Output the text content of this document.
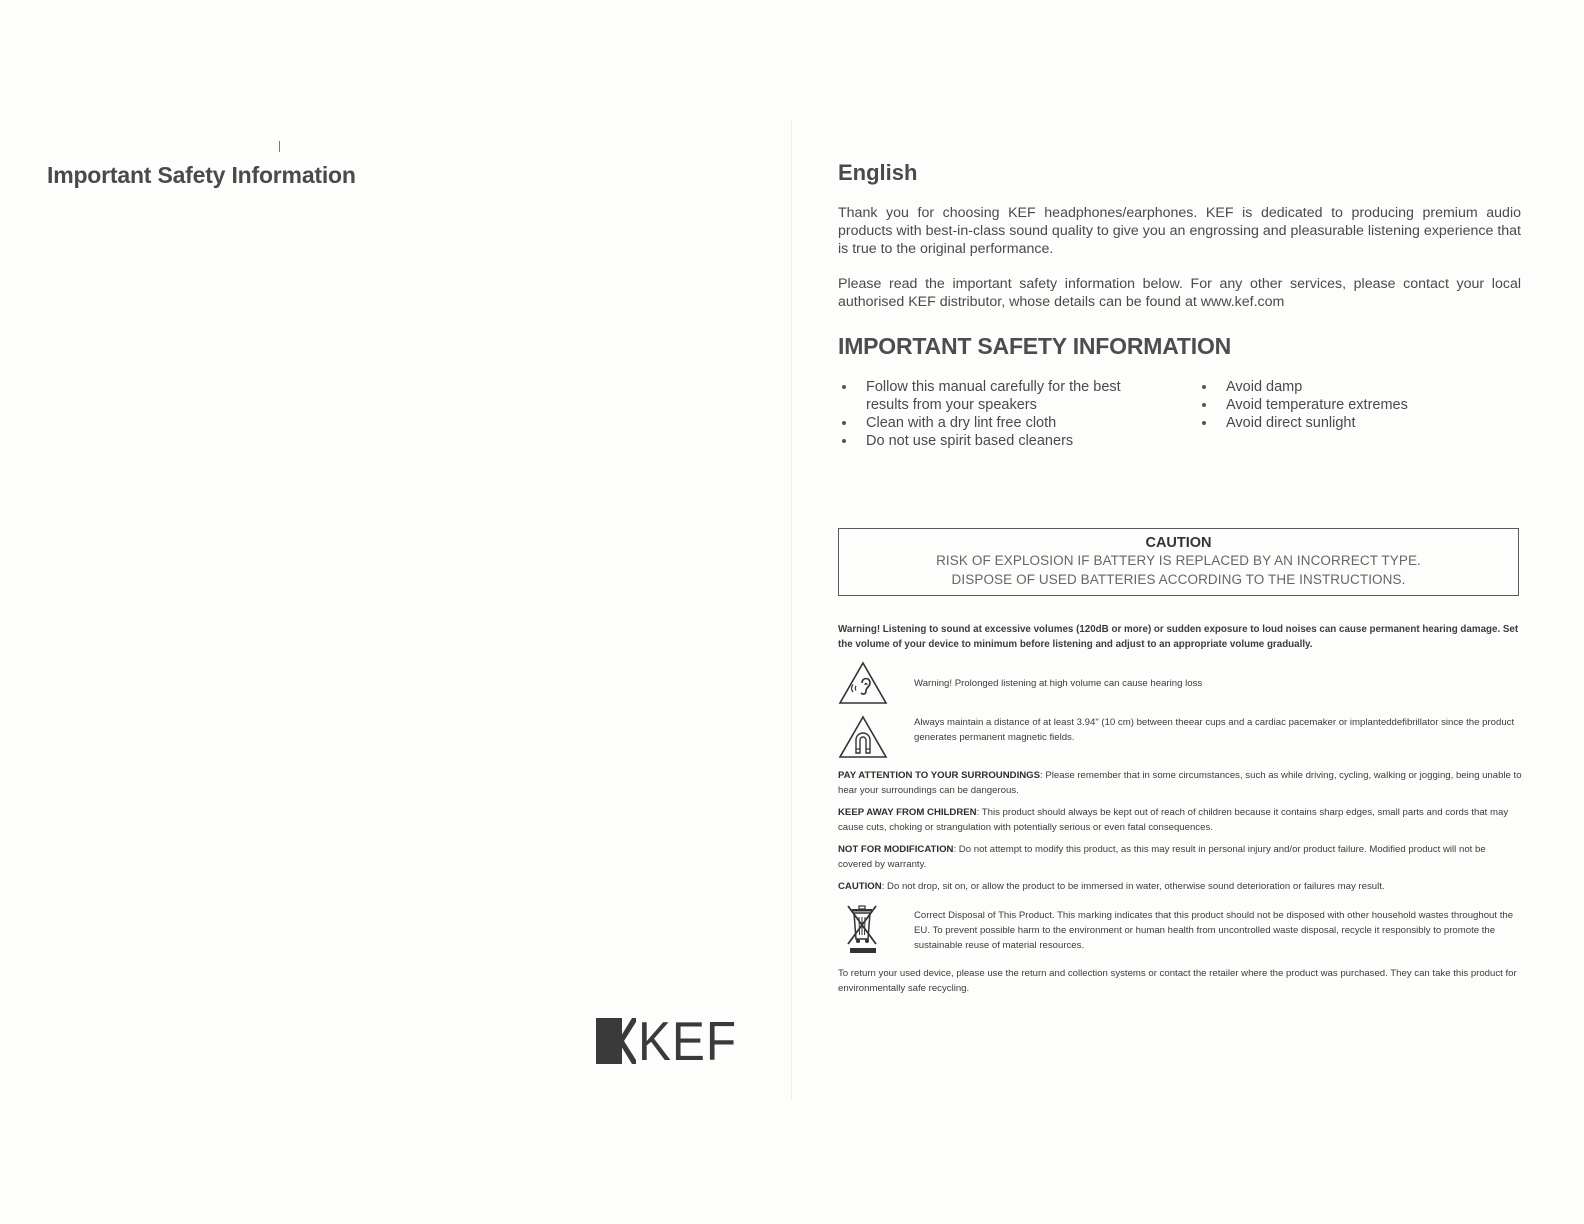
Important Safety Information
KEF
English

Thank you for choosing KEF headphones/earphones. KEF is dedicated to producing premium audio products with best-in-class sound quality to give you an engrossing and pleasurable listening experience that is true to the original performance.

Please read the important safety information below. For any other services, please contact your local authorised KEF distributor, whose details can be found at www.kef.com

IMPORTANT SAFETY INFORMATION
Follow this manual carefully for the best results from your speakers
Clean with a dry lint free cloth
Do not use spirit based cleaners
Avoid damp
Avoid temperature extremes
Avoid direct sunlight
CAUTION
RISK OF EXPLOSION IF BATTERY IS REPLACED BY AN INCORRECT TYPE.
DISPOSE OF USED BATTERIES ACCORDING TO THE INSTRUCTIONS.
Warning! Listening to sound at excessive volumes (120dB or more) or sudden exposure to loud noises can cause permanent hearing damage. Set the volume of your device to minimum before listening and adjust to an appropriate volume gradually.
Warning! Prolonged listening at high volume can cause hearing loss
Always maintain a distance of at least 3.94" (10 cm) between theear cups and a cardiac pacemaker or implanteddefibrillator since the product generates permanent magnetic fields.
PAY ATTENTION TO YOUR SURROUNDINGS: Please remember that in some circumstances, such as while driving, cycling, walking or jogging, being unable to hear your surroundings can be dangerous.
KEEP AWAY FROM CHILDREN: This product should always be kept out of reach of children because it contains sharp edges, small parts and cords that may cause cuts, choking or strangulation with potentially serious or even fatal consequences.
NOT FOR MODIFICATION: Do not attempt to modify this product, as this may result in personal injury and/or product failure. Modified product will not be covered by warranty.
CAUTION: Do not drop, sit on, or allow the product to be immersed in water, otherwise sound deterioration or failures may result.
Correct Disposal of This Product. This marking indicates that this product should not be disposed with other household wastes throughout the EU. To prevent possible harm to the environment or human health from uncontrolled waste disposal, recycle it responsibly to promote the sustainable reuse of material resources.
To return your used device, please use the return and collection systems or contact the retailer where the product was purchased. They can take this product for environmentally safe recycling.
